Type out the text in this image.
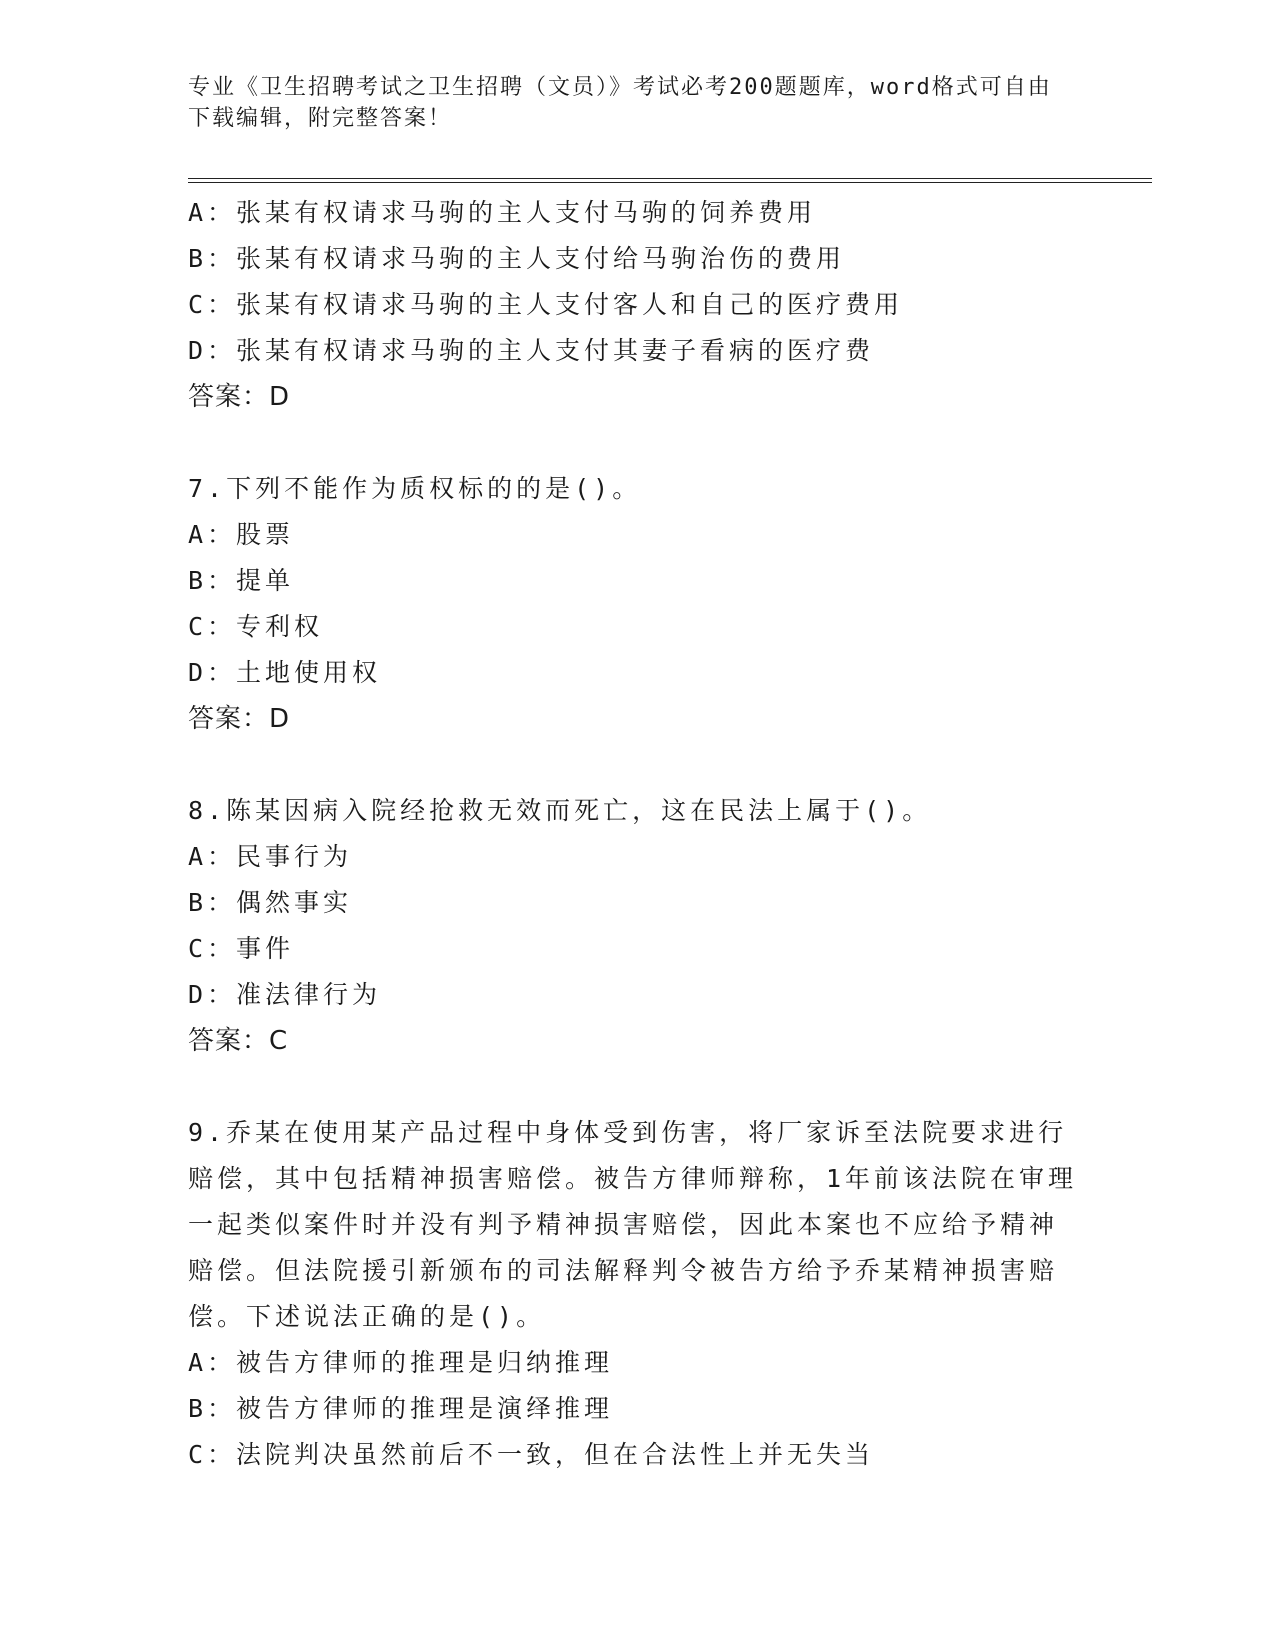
专业《卫生招聘考试之卫生招聘（文员）》考试必考200题题库，word格式可自由下载编辑，附完整答案！
A：张某有权请求马驹的主人支付马驹的饲养费用
B：张某有权请求马驹的主人支付给马驹治伤的费用
C：张某有权请求马驹的主人支付客人和自己的医疗费用
D：张某有权请求马驹的主人支付其妻子看病的医疗费
答案：D
7.下列不能作为质权标的的是()。
A：股票
B：提单
C：专利权
D：土地使用权
答案：D
8.陈某因病入院经抢救无效而死亡，这在民法上属于()。
A：民事行为
B：偶然事实
C：事件
D：准法律行为
答案：C
9.乔某在使用某产品过程中身体受到伤害，将厂家诉至法院要求进行
赔偿，其中包括精神损害赔偿。被告方律师辩称，1年前该法院在审理
一起类似案件时并没有判予精神损害赔偿，因此本案也不应给予精神
赔偿。但法院援引新颁布的司法解释判令被告方给予乔某精神损害赔
偿。下述说法正确的是()。
A：被告方律师的推理是归纳推理
B：被告方律师的推理是演绎推理
C：法院判决虽然前后不一致，但在合法性上并无失当
